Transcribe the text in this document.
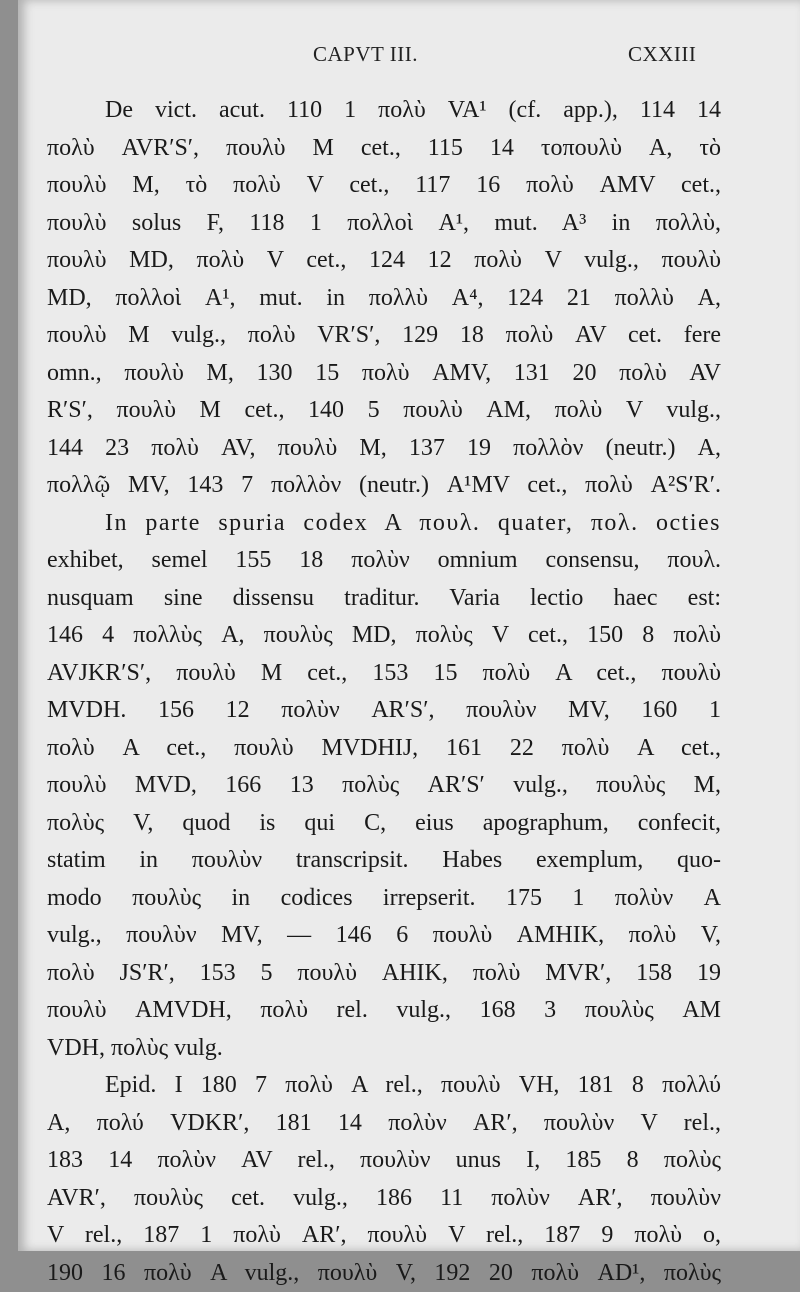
CAPVT III.	CXXIII
De vict. acut. 110 1 πολὺ VA¹ (cf. app.), 114 14
πολὺ AVR′S′, πουλὺ M cet., 115 14 τοπουλὺ A, τὸ
πουλὺ M, τὸ πολὺ V cet., 117 16 πολὺ AMV cet.,
πουλὺ solus F, 118 1 πολλοὶ A¹, mut. A³ in πολλὺ,
πουλὺ MD, πολὺ V cet., 124 12 πολὺ V vulg., πουλὺ
MD, πολλοὶ A¹, mut. in πολλὺ A⁴, 124 21 πολλὺ A,
πουλὺ M vulg., πολὺ VR′S′, 129 18 πολὺ AV cet. fere
omn., πουλὺ M, 130 15 πολὺ AMV, 131 20 πολὺ AV
R′S′, πουλὺ M cet., 140 5 πουλὺ AM, πολὺ V vulg.,
144 23 πολὺ AV, πουλὺ M, 137 19 πολλὸν (neutr.) A,
πολλῷ MV, 143 7 πολλὸν (neutr.) A¹MV cet., πολὺ A²S′R′.
In parte spuria codex A πουλ. quater, πολ. octies
exhibet, semel 155 18 πολὺν omnium consensu, πουλ.
nusquam sine dissensu traditur. Varia lectio haec est:
146 4 πολλὺς A, πουλὺς MD, πολὺς V cet., 150 8 πολὺ
AVJKR′S′, πουλὺ M cet., 153 15 πολὺ A cet., πουλὺ
MVDH. 156 12 πολὺν AR′S′, πουλὺν MV, 160 1
πολὺ A cet., πουλὺ MVDHIJ, 161 22 πολὺ A cet.,
πουλὺ MVD, 166 13 πολὺς AR′S′ vulg., πουλὺς M,
πολὺς V, quod is qui C, eius apographum, confecit,
statim in πουλὺν transcripsit. Habes exemplum, quo-
modo πουλὺς in codices irrepserit. 175 1 πολὺν A
vulg., πουλὺν MV, — 146 6 πουλὺ AMHIK, πολὺ V,
πολὺ JS′R′, 153 5 πουλὺ AHIK, πολὺ MVR′, 158 19
πουλὺ AMVDH, πολὺ rel. vulg., 168 3 πουλὺς AM
VDH, πολὺς vulg.
Epid. I 180 7 πολὺ A rel., πουλὺ VH, 181 8 πολλύ
A, πολύ VDKR′, 181 14 πολὺν AR′, πουλὺν V rel.,
183 14 πολὺν AV rel., πουλὺν unus I, 185 8 πολὺς
AVR′, πουλὺς cet. vulg., 186 11 πολὺν AR′, πουλὺν
V rel., 187 1 πολὺ AR′, πουλὺ V rel., 187 9 πολὺ o,
190 16 πολὺ A vulg., πουλὺ V, 192 20 πολὺ AD¹, πολὺς
